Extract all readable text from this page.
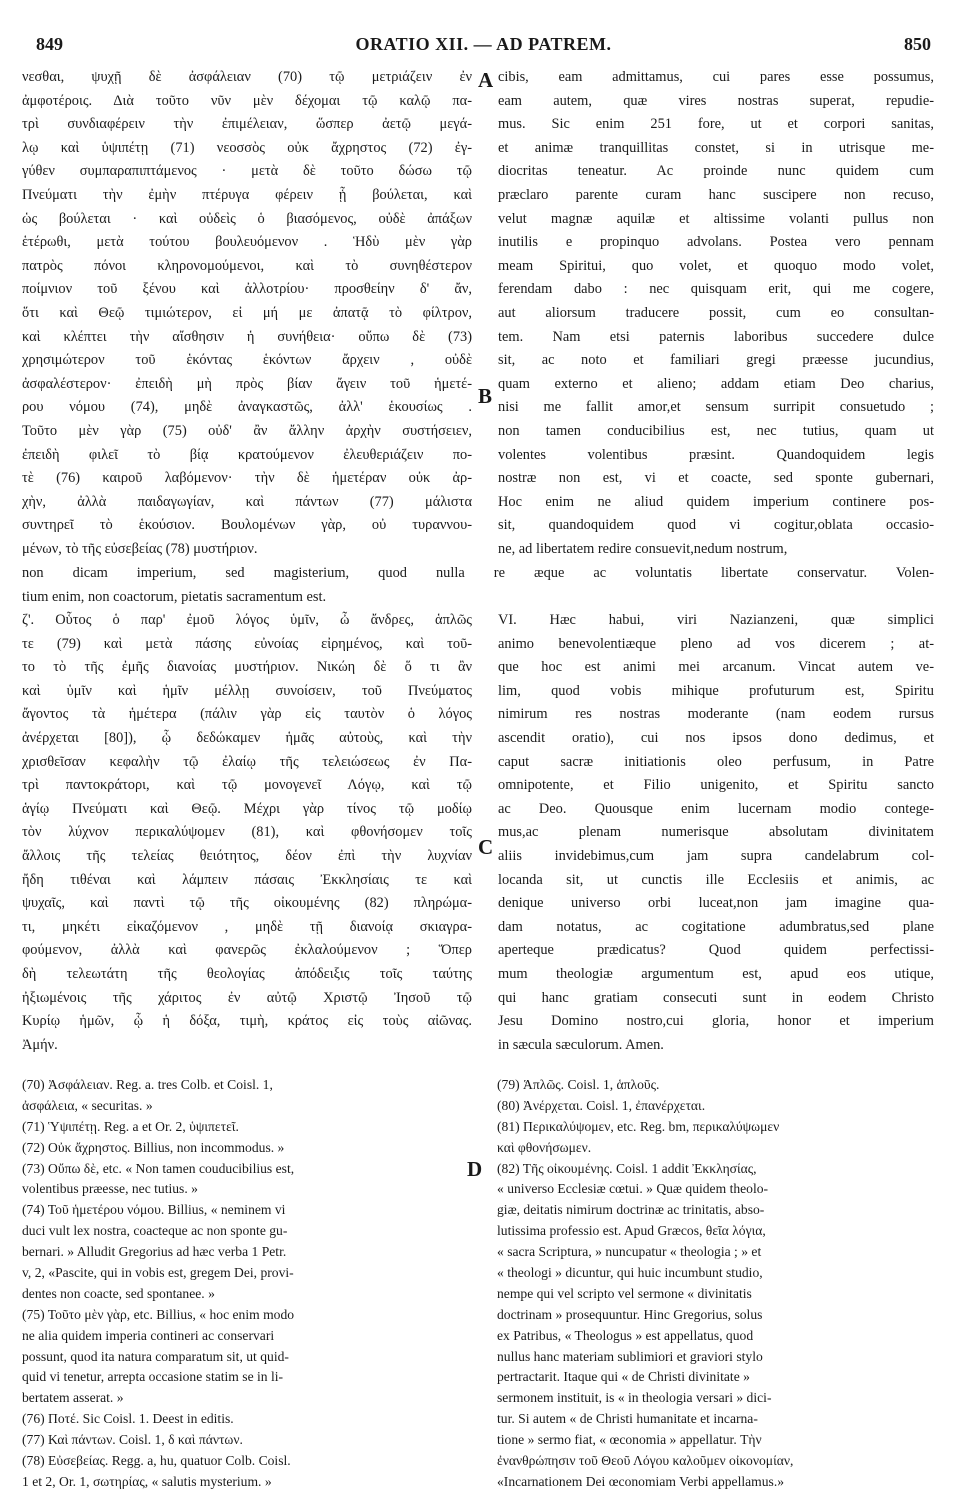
849	ORATIO XII. — AD PATREM.	850
A
B
C
D
νεσθαι, ψυχῇ δὲ ἀσφάλειαν (70) τῷ μετριάζειν ἐν
ἀμφοτέροις. Διὰ τοῦτο νῦν μὲν δέχομαι τῷ καλῷ πα-
τρὶ συνδιαφέρειν τὴν ἐπιμέλειαν, ὥσπερ ἀετῷ μεγά-
λῳ καὶ ὑψιπέτῃ (71) νεοσσὸς οὐκ ἄχρηστος (72) ἐγ-
γύθεν συμπαραπιπτάμενος · μετὰ δὲ τοῦτο δώσω τῷ
Πνεύματι τὴν ἐμὴν πτέρυγα φέρειν ᾗ βούλεται, καὶ
ὡς βούλεται · καὶ οὐδεὶς ὁ βιασόμενος, οὐδὲ ἀπάξων
ἑτέρωθι, μετὰ τούτου βουλευόμενον . Ἡδὺ μὲν γὰρ
πατρὸς πόνοι κληρονομούμενοι, καὶ τὸ συνηθέστερον
ποίμνιον τοῦ ξένου καὶ ἀλλοτρίου· προσθείην δ' ἄν,
ὅτι καὶ Θεῷ τιμιώτερον, εἰ μή με ἀπατᾷ τὸ φίλτρον,
καὶ κλέπτει τὴν αἴσθησιν ἡ συνήθεια· οὔπω δὲ (73)
χρησιμώτερον τοῦ ἑκόντας ἑκόντων ἄρχειν , οὐδὲ
ἀσφαλέστερον· ἐπειδὴ μὴ πρὸς βίαν ἄγειν τοῦ ἡμετέ-
ρου νόμου (74), μηδὲ ἀναγκαστῶς, ἀλλ' ἑκουσίως .
Τοῦτο μὲν γὰρ (75) οὐδ' ἂν ἄλλην ἀρχὴν συστήσειεν,
ἐπειδὴ φιλεῖ τὸ βίᾳ κρατούμενον ἐλευθεριάζειν πο-
τὲ (76) καιροῦ λαβόμενον· τὴν δὲ ἡμετέραν οὐκ ἀρ-
χὴν, ἀλλὰ παιδαγωγίαν, καὶ πάντων (77) μάλιστα
συντηρεῖ τὸ ἑκούσιον. Βουλομένων γὰρ, οὐ τυραννου-
μένων, τὸ τῆς εὐσεβείας (78) μυστήριον.
cibis, eam admittamus, cui pares esse possumus,
eam autem, quæ vires nostras superat, repudie-
mus. Sic enim 251 fore, ut et corpori sanitas,
et animæ tranquillitas constet, si in utrisque me-
diocritas teneatur. Ac proinde nunc quidem cum
præclaro parente curam hanc suscipere non recuso,
velut magnæ aquilæ et altissime volanti pullus non
inutilis e propinquo advolans. Postea vero pennam
meam Spiritui, quo volet, et quoquo modo volet,
ferendam dabo : nec quisquam erit, qui me cogere,
aut aliorsum traducere possit, cum eo consultan-
tem. Nam etsi paternis laboribus succedere dulce
sit, ac noto et familiari gregi præesse jucundius,
quam externo et alieno; addam etiam Deo charius,
nisi me fallit amor,et sensum surripit consuetudo ;
non tamen conducibilius est, nec tutius, quam ut
volentes volentibus præsint. Quandoquidem legis
nostræ non est, vi et coacte, sed sponte gubernari,
Hoc enim ne aliud quidem imperium continere pos-
sit, quandoquidem quod vi cogitur,oblata occasio-
ne, ad libertatem redire consuevit,nedum nostrum,
non dicam imperium, sed magisterium, quod nulla re æque ac voluntatis libertate conservatur. Volen-
tium enim, non coactorum, pietatis sacramentum est.
ζ'. Οὗτος ὁ παρ' ἐμοῦ λόγος ὑμῖν, ὦ ἄνδρες, ἁπλῶς
τε (79) καὶ μετὰ πάσης εὐνοίας εἰρημένος, καὶ τοῦ-
το τὸ τῆς ἐμῆς διανοίας μυστήριον. Νικώη δὲ ὅ τι ἂν
καὶ ὑμῖν καὶ ἡμῖν μέλλῃ συνοίσειν, τοῦ Πνεύματος
ἄγοντος τὰ ἡμέτερα (πάλιν γὰρ εἰς ταυτὸν ὁ λόγος
ἀνέρχεται [80]), ᾧ δεδώκαμεν ἡμᾶς αὐτοὺς, καὶ τὴν
χρισθεῖσαν κεφαλὴν τῷ ἐλαίῳ τῆς τελειώσεως ἐν Πα-
τρὶ παντοκράτορι, καὶ τῷ μονογενεῖ Λόγῳ, καὶ τῷ
ἁγίῳ Πνεύματι καὶ Θεῷ. Μέχρι γὰρ τίνος τῷ μοδίῳ
τὸν λύχνον περικαλύψομεν (81), καὶ φθονήσομεν τοῖς
ἄλλοις τῆς τελείας θειότητος, δέον ἐπὶ τὴν λυχνίαν
ἤδη τιθέναι καὶ λάμπειν πάσαις Ἐκκλησίαις τε καὶ
ψυχαῖς, καὶ παντὶ τῷ τῆς οἰκουμένης (82) πληρώμα-
τι, μηκέτι εἰκαζόμενον , μηδὲ τῇ διανοίᾳ σκιαγρα-
φούμενον, ἀλλὰ καὶ φανερῶς ἐκλαλούμενον ; Ὅπερ
δὴ τελεωτάτη τῆς θεολογίας ἀπόδειξις τοῖς ταύτης
ἠξιωμένοις τῆς χάριτος ἐν αὐτῷ Χριστῷ Ἰησοῦ τῷ
Κυρίῳ ἡμῶν, ᾧ ἡ δόξα, τιμὴ, κράτος εἰς τοὺς αἰῶνας.
Ἀμήν.
VI. Hæc habui, viri Nazianzeni, quæ simplici
animo benevolentiæque pleno ad vos dicerem ; at-
que hoc est animi mei arcanum. Vincat autem ve-
lim, quod vobis mihique profuturum est, Spiritu
nimirum res nostras moderante (nam eodem rursus
ascendit oratio), cui nos ipsos dono dedimus, et
caput sacræ initiationis oleo perfusum, in Patre
omnipotente, et Filio unigenito, et Spiritu sancto
ac Deo. Quousque enim lucernam modio contege-
mus,ac plenam numerisque absolutam divinitatem
aliis invidebimus,cum jam supra candelabrum col-
locanda sit, ut cunctis ille Ecclesiis et animis, ac
denique universo orbi luceat,non jam imagine qua-
dam notatus, ac cogitatione adumbratus,sed plane
aperteque prædicatus? Quod quidem perfectissi-
mum theologiæ argumentum est, apud eos utique,
qui hanc gratiam consecuti sunt in eodem Christo
Jesu Domino nostro,cui gloria, honor et imperium
in sæcula sæculorum. Amen.
(70) Ἀσφάλειαν. Reg. a. tres Colb. et Coisl. 1,
ἀσφάλεια, « securitas. »
(71) Ὑψιπέτῃ. Reg. a et Or. 2, ὑψιπετεῖ.
(72) Οὐκ ἄχρηστος. Billius, non incommodus. »
(73) Οὔπω δὲ, etc. « Non tamen couducibilius est,
volentibus præesse, nec tutius. »
(74) Τοῦ ἡμετέρου νόμου. Billius, « neminem vi
duci vult lex nostra, coacteque ac non sponte gu-
bernari. » Alludit Gregorius ad hæc verba 1 Petr.
v, 2, «Pascite, qui in vobis est, gregem Dei, provi-
dentes non coacte, sed spontanee. »
(75) Τοῦτο μὲν γὰρ, etc. Billius, « hoc enim modo
ne alia quidem imperia contineri ac conservari
possunt, quod ita natura comparatum sit, ut quid-
quid vi tenetur, arrepta occasione statim se in li-
bertatem asserat. »
(76) Ποτέ. Sic Coisl. 1. Deest in editis.
(77) Καὶ πάντων. Coisl. 1, δ καὶ πάντων.
(78) Εὐσεβείας. Regg. a, hu, quatuor Colb. Coisl.
1 et 2, Or. 1, σωτηρίας, « salutis mysterium. »
(79) Ἁπλῶς. Coisl. 1, ἁπλοῦς.
(80) Ἀνέρχεται. Coisl. 1, ἐπανέρχεται.
(81) Περικαλύψομεν, etc. Reg. bm, περικαλύψωμεν
καὶ φθονήσωμεν.
(82) Τῆς οἰκουμένης. Coisl. 1 addit Ἐκκλησίας,
« universo Ecclesiæ cœtui. » Quæ quidem theolo-
giæ, deitatis nimirum doctrinæ ac trinitatis, abso-
lutissima professio est. Apud Græcos, θεῖα λόγια,
« sacra Scriptura, » nuncupatur « theologia ; » et
« theologi » dicuntur, qui huic incumbunt studio,
nempe qui vel scripto vel sermone « divinitatis
doctrinam » prosequuntur. Hinc Gregorius, solus
ex Patribus, « Theologus » est appellatus, quod
nullus hanc materiam sublimiori et graviori stylo
pertractarit. Itaque qui « de Christi divinitate »
sermonem instituit, is « in theologia versari » dici-
tur. Si autem « de Christi humanitate et incarna-
tione » sermo fiat, « œconomia » appellatur. Τὴν
ἐνανθρώπησιν τοῦ Θεοῦ Λόγου καλοῦμεν οἰκονομίαν,
«Incarnationem Dei œconomiam Verbi appellamus.»
